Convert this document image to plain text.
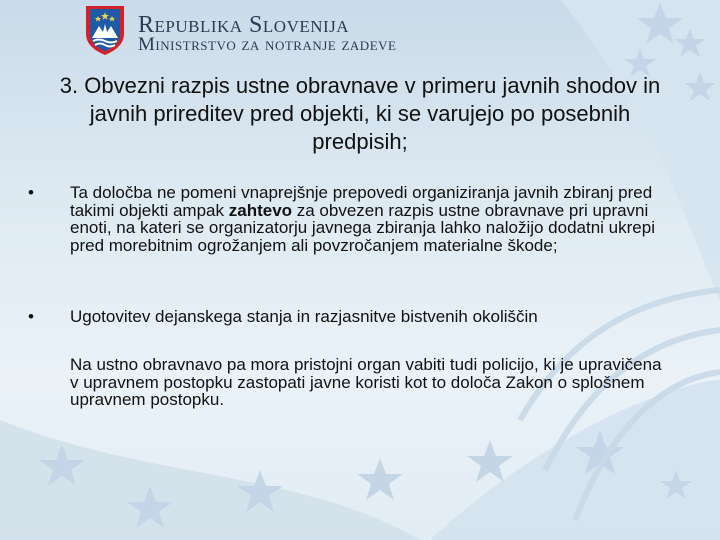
Republika Slovenija
Ministrstvo za notranje zadeve
3. Obvezni razpis ustne obravnave v primeru javnih shodov in javnih prireditev pred objekti, ki se varujejo po posebnih predpisih;
•	Ta določba ne pomeni vnaprejšnje prepovedi organiziranja javnih zbiranj pred takimi objekti ampak zahtevo za obvezen razpis ustne obravnave pri upravni enoti, na kateri se organizatorju javnega zbiranja lahko naložijo dodatni ukrepi pred morebitnim ogrožanjem ali povzročanjem materialne škode;
•	Ugotovitev dejanskega stanja in razjasnitve bistvenih okoliščin
Na ustno obravnavo pa mora pristojni organ vabiti tudi policijo, ki je upravičena v upravnem postopku zastopati javne koristi kot to določa Zakon o splošnem upravnem postopku.
